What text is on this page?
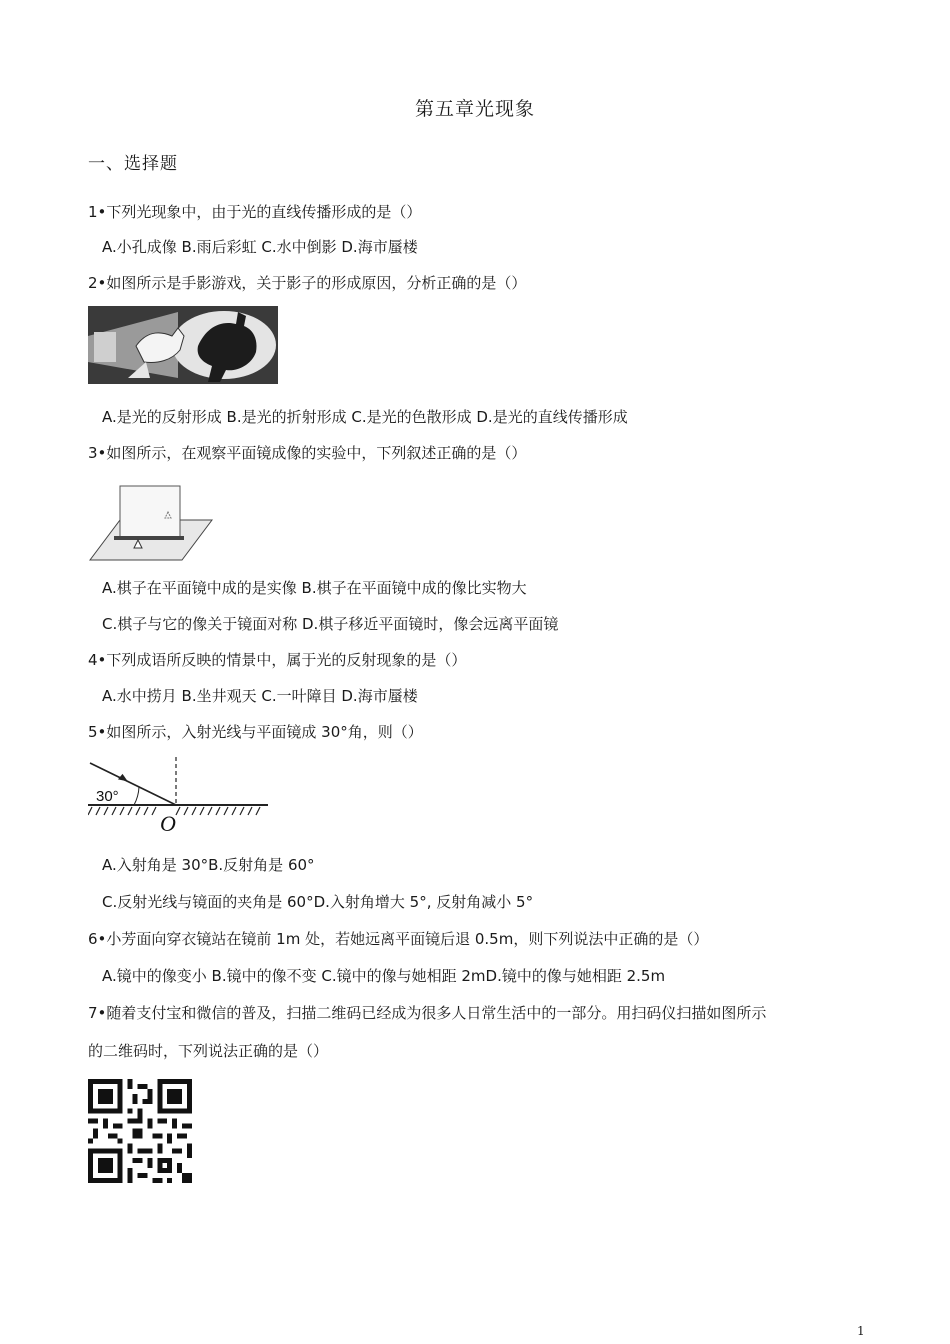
第五章光现象
一、选择题
1•下列光现象中，由于光的直线传播形成的是（）
A.小孔成像 B.雨后彩虹 C.水中倒影 D.海市蜃楼
2•如图所示是手影游戏，关于影子的形成原因，分析正确的是（）
A.是光的反射形成 B.是光的折射形成 C.是光的色散形成 D.是光的直线传播形成
3•如图所示，在观察平面镜成像的实验中，下列叙述正确的是（）
A.棋子在平面镜中成的是实像 B.棋子在平面镜中成的像比实物大
C.棋子与它的像关于镜面对称 D.棋子移近平面镜时，像会远离平面镜
4•下列成语所反映的情景中，属于光的反射现象的是（）
A.水中捞月 B.坐井观天 C.一叶障目 D.海市蜃楼
5•如图所示，入射光线与平面镜成 30°角，则（）
30°
O
A.入射角是 30°B.反射角是 60°
C.反射光线与镜面的夹角是 60°D.入射角增大 5°, 反射角减小 5°
6•小芳面向穿衣镜站在镜前 1m 处，若她远离平面镜后退 0.5m，则下列说法中正确的是（）
A.镜中的像变小 B.镜中的像不变 C.镜中的像与她相距 2mD.镜中的像与她相距 2.5m
7•随着支付宝和微信的普及，扫描二维码已经成为很多人日常生活中的一部分。用扫码仪扫描如图所示
的二维码时，下列说法正确的是（）
1
